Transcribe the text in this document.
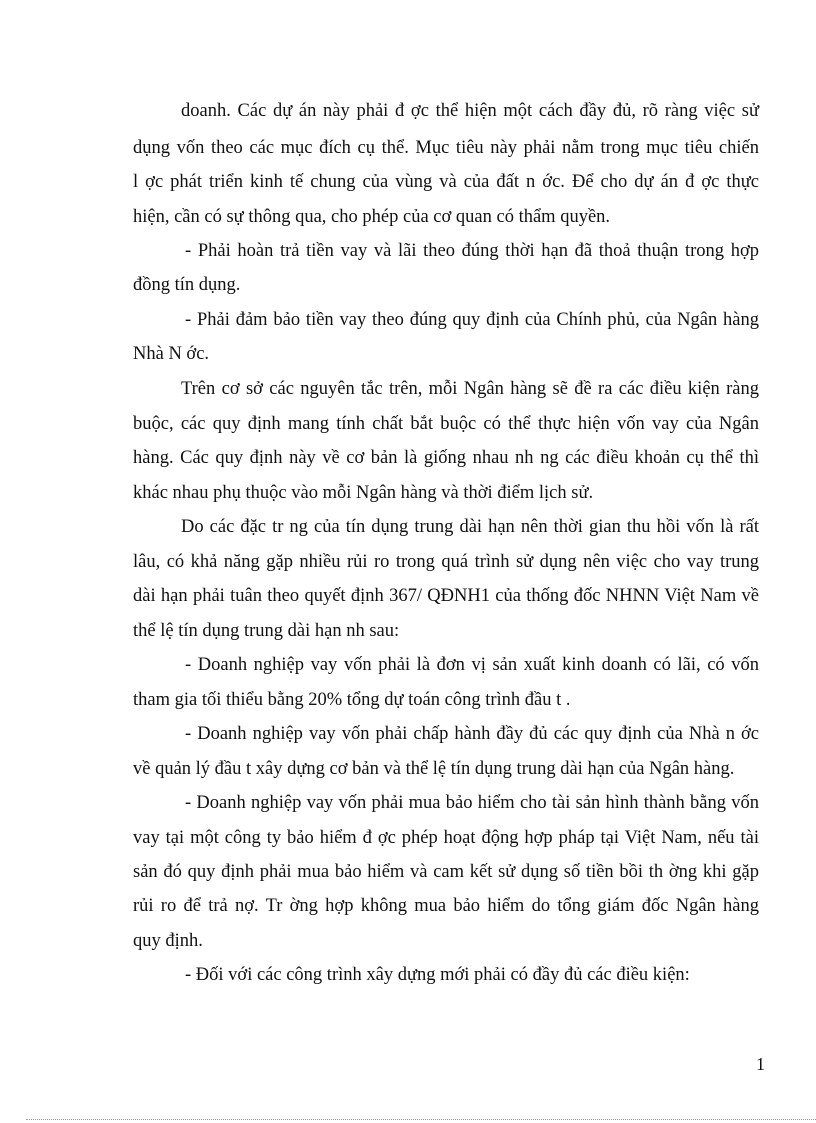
doanh. Các dự án này phải đ ợc thể hiện một cách đầy đủ, rõ ràng việc sử
dụng vốn theo các mục đích cụ thể. Mục tiêu này phải nằm trong mục tiêu chiến
l ợc phát triển kinh tế chung của vùng và của đất n ớc. Để cho dự án đ ợc thực
hiện, cần có sự thông qua, cho phép của cơ quan có thẩm quyền.
- Phải hoàn trả tiền vay và lãi theo đúng thời hạn đã thoả thuận trong hợp
đồng tín dụng.
- Phải đảm bảo tiền vay theo đúng quy định của Chính phủ, của Ngân hàng
Nhà N ớc.
Trên cơ sở các nguyên tắc trên, mỗi Ngân hàng sẽ đề ra các điều kiện ràng
buộc, các quy định mang tính chất bắt buộc có thể thực hiện vốn vay của Ngân
hàng. Các quy định này về cơ bản là giống nhau nh ng các điều khoản cụ thể thì
khác nhau phụ thuộc vào mỗi Ngân hàng và thời điểm lịch sử.
Do các đặc tr ng của tín dụng trung dài hạn nên thời gian thu hồi vốn là rất
lâu, có khả năng gặp nhiều rủi ro trong quá trình sử dụng nên việc cho vay trung
dài hạn phải tuân theo quyết định 367/ QĐNH1 của thống đốc NHNN Việt Nam về
thể lệ tín dụng trung dài hạn nh sau:
- Doanh nghiệp vay vốn phải là đơn vị sản xuất kinh doanh có lãi, có vốn
tham gia tối thiểu bằng 20% tổng dự toán công trình đầu t .
- Doanh nghiệp vay vốn phải chấp hành đầy đủ các quy định của Nhà n ớc
về quản lý đầu t xây dựng cơ bản và thể lệ tín dụng trung dài hạn của Ngân hàng.
- Doanh nghiệp vay vốn phải mua bảo hiểm cho tài sản hình thành bằng vốn
vay tại một công ty bảo hiểm đ ợc phép hoạt động hợp pháp tại Việt Nam, nếu tài
sản đó quy định phải mua bảo hiểm và cam kết sử dụng số tiền bồi th ờng khi gặp
rủi ro để trả nợ. Tr ờng hợp không mua bảo hiểm do tổng giám đốc Ngân hàng
quy định.
- Đối với các công trình xây dựng mới phải có đầy đủ các điều kiện:
1
